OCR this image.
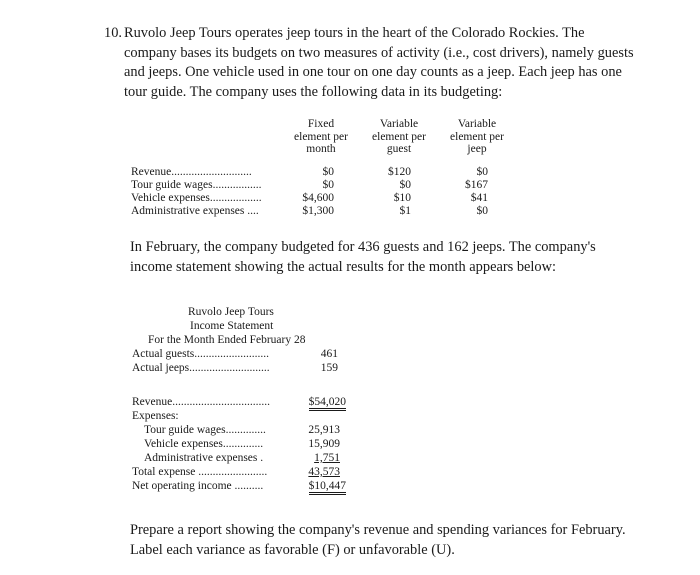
10. Ruvolo Jeep Tours operates jeep tours in the heart of the Colorado Rockies. The
company bases its budgets on two measures of activity (i.e., cost drivers), namely guests
and jeeps. One vehicle used in one tour on one day counts as a jeep. Each jeep has one
tour guide. The company uses the following data in its budgeting:
Fixed
element per
month
Variable
element per
guest
Variable
element per
jeep
Revenue............................	$0	$120	$0
Tour guide wages.................	$0	$0	$167
Vehicle expenses..................	$4,600	$10	$41
Administrative expenses ....	$1,300	$1	$0
In February, the company budgeted for 436 guests and 162 jeeps. The company's
income statement showing the actual results for the month appears below:
Ruvolo Jeep Tours
Income Statement
For the Month Ended February 28
Actual guests..........................	461
Actual jeeps............................	159
Revenue..................................	$54,020
Expenses:
Tour guide wages..............	25,913
Vehicle expenses..............	15,909
Administrative expenses .	1,751
Total expense ........................	43,573
Net operating income ..........	$10,447
Prepare a report showing the company's revenue and spending variances for February.
Label each variance as favorable (F) or unfavorable (U).
